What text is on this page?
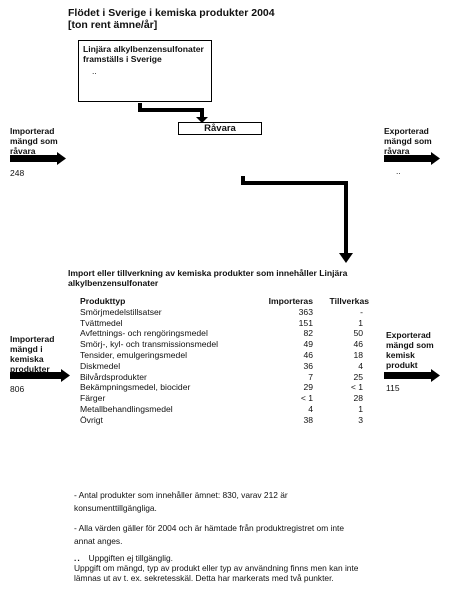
Flödet i Sverige i kemiska produkter 2004
[ton rent ämne/år]
Linjära alkylbenzensulfonater
framställs i Sverige
..
Råvara
Importerad
mängd som
råvara
248
Exporterad
mängd som
råvara
..
Import eller tillverkning av kemiska produkter som innehåller Linjära alkylbenzensulfonater
Produkttyp	Importeras	Tillverkas
Smörjmedelstillsatser	363	-
Tvättmedel	151	1
Avfettnings- och rengöringsmedel	82	50
Smörj-, kyl- och transmissionsmedel	49	46
Tensider, emulgeringsmedel	46	18
Diskmedel	36	4
Bilvårdsprodukter	7	25
Bekämpningsmedel, biocider	29	< 1
Färger	< 1	28
Metallbehandlingsmedel	4	1
Övrigt	38	3
Importerad
mängd i
kemiska
produkter
806
Exporterad
mängd som
kemisk
produkt
115
- Antal produkter som innehåller ämnet: 830, varav 212 är
konsumenttillgängliga.
- Alla värden gäller för 2004 och är hämtade från produktregistret om inte
annat anges.
.. Uppgiften ej tillgänglig.
Uppgift om mängd, typ av produkt eller typ av användning finns men kan inte
lämnas ut av t. ex. sekretesskäl. Detta har markerats med två punkter.
